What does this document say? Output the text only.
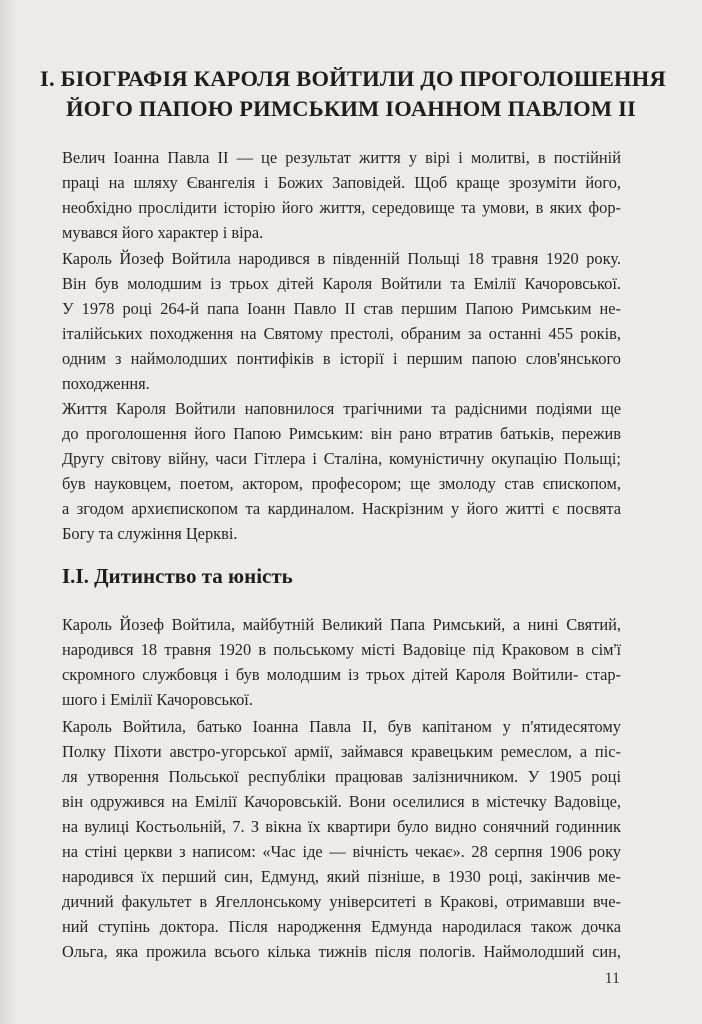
I. БІОГРАФІЯ КАРОЛЯ ВОЙТИЛИ ДО ПРОГОЛОШЕННЯ
ЙОГО ПАПОЮ РИМСЬКИМ ІОАННОМ ПАВЛОМ II

Велич Іоанна Павла II — це результат життя у вірі і молитві, в постійній
праці на шляху Євангелія і Божих Заповідей. Щоб краще зрозуміти його,
необхідно прослідити історію його життя, середовище та умови, в яких фор-
мувався його характер і віра.

Кароль Йозеф Войтила народився в південній Польщі 18 травня 1920 року.
Він був молодшим із трьох дітей Кароля Войтили та Емілії Качоровської.
У 1978 році 264-й папа Іоанн Павло II став першим Папою Римським не-
італійських походження на Святому престолі, обраним за останні 455 років,
одним з наймолодших понтифіків в історії і першим папою слов'янського
походження.

Життя Кароля Войтили наповнилося трагічними та радісними подіями ще
до проголошення його Папою Римським: він рано втратив батьків, пережив
Другу світову війну, часи Гітлера і Сталіна, комуністичну окупацію Польщі;
був науковцем, поетом, актором, професором; ще змолоду став єпископом,
а згодом архиєпископом та кардиналом. Наскрізним у його житті є посвята
Богу та служіння Церкві.

I.I. Дитинство та юність

Кароль Йозеф Войтила, майбутній Великий Папа Римський, а нині Святий,
народився 18 травня 1920 в польському місті Вадовіце під Краковом в сім'ї
скромного службовця і був молодшим із трьох дітей Кароля Войтили- стар-
шого і Емілії Качоровської.

Кароль Войтила, батько Іоанна Павла II, був капітаном у п'ятидесятому
Полку Піхоти австро-угорської армії, займався кравецьким ремеслом, а піс-
ля утворення Польської республіки працював залізничником. У 1905 році
він одружився на Емілії Качоровській. Вони оселилися в містечку Вадовіце,
на вулиці Костьольній, 7. З вікна їх квартири було видно сонячний годинник
на стіні церкви з написом: «Час іде — вічність чекає». 28 серпня 1906 року
народився їх перший син, Едмунд, який пізніше, в 1930 році, закінчив ме-
дичний факультет в Ягеллонському університеті в Кракові, отримавши вче-
ний ступінь доктора. Після народження Едмунда народилася також дочка
Ольга, яка прожила всього кілька тижнів після пологів. Наймолодший син,

11
